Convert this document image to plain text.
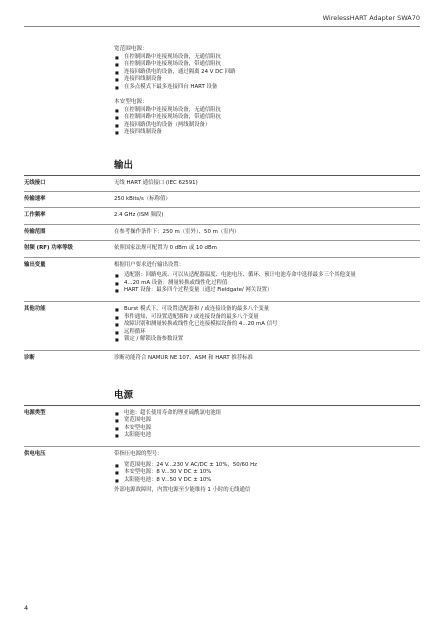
WirelessHART Adapter SWA70

宽范围电源：

■ 在控制回路中连接现场设备，无通信阻抗
■ 在控制回路中连接现场设备，带通信阻抗
■ 连接回路供电的设备，通过隔离 24 V DC 回路
■ 连接四线制设备
■ 在多点模式下最多连接四台 HART 设备

本安型电源：

■ 在控制回路中连接现场设备，无通信阻抗
■ 在控制回路中连接现场设备，带通信阻抗
■ 连接回路供电的设备（两线制设备）
■ 连接四线制设备
输出
无线接口	无线 HART 通信接口 (IEC 62591)
传输速率	250 kBits/s（标称值）
工作频率	2.4 GHz (ISM 频段)
传输范围	在参考操作条件下：250 m（室外）、50 m（室内）
射频 (RF) 功率等级	依照国家法规可配置为 0 dBm 或 10 dBm
输出变量	根据用户要求进行输出设置：

■ 适配器：回路电流、可以从适配器温度、电池电压、循环、预计电池寿命中选择最多三个其他变量
■ 4...20 mA 设备：测量转换或线性化过程值
■ HART 设备：最多四个过程变量（通过 Fieldgate/ 网关设置）
其他功能	■ Burst 模式下，可设置适配器和 / 或连接设备的最多八个变量
■ 事件通知，可设置适配器和 / 或连接设备的最多八个变量
■ 故障识别和测量转换或线性化已连接模拟设备的 4...20 mA 信号
■ 远程循环
■ 锁定 / 解锁设备参数设置
诊断	诊断功能符合 NAMUR NE 107、ASM 和 HART 推荐标准
电源
电源类型	■ 电池：超长使用寿命的锂亚硫酰氯电池组
■ 宽范围电源
■ 本安型电源
■ 太阳能电池
供电电压	带指压电源的型号：

■ 宽范围电源：24 V...230 V AC/DC ± 10%，50/60 Hz
■ 本安型电源：8 V...30 V DC ± 10%
■ 太阳能电池：8 V...50 V DC ± 10%

外部电源故障时，内置电源至少能维持 1 小时的无线通信

4
